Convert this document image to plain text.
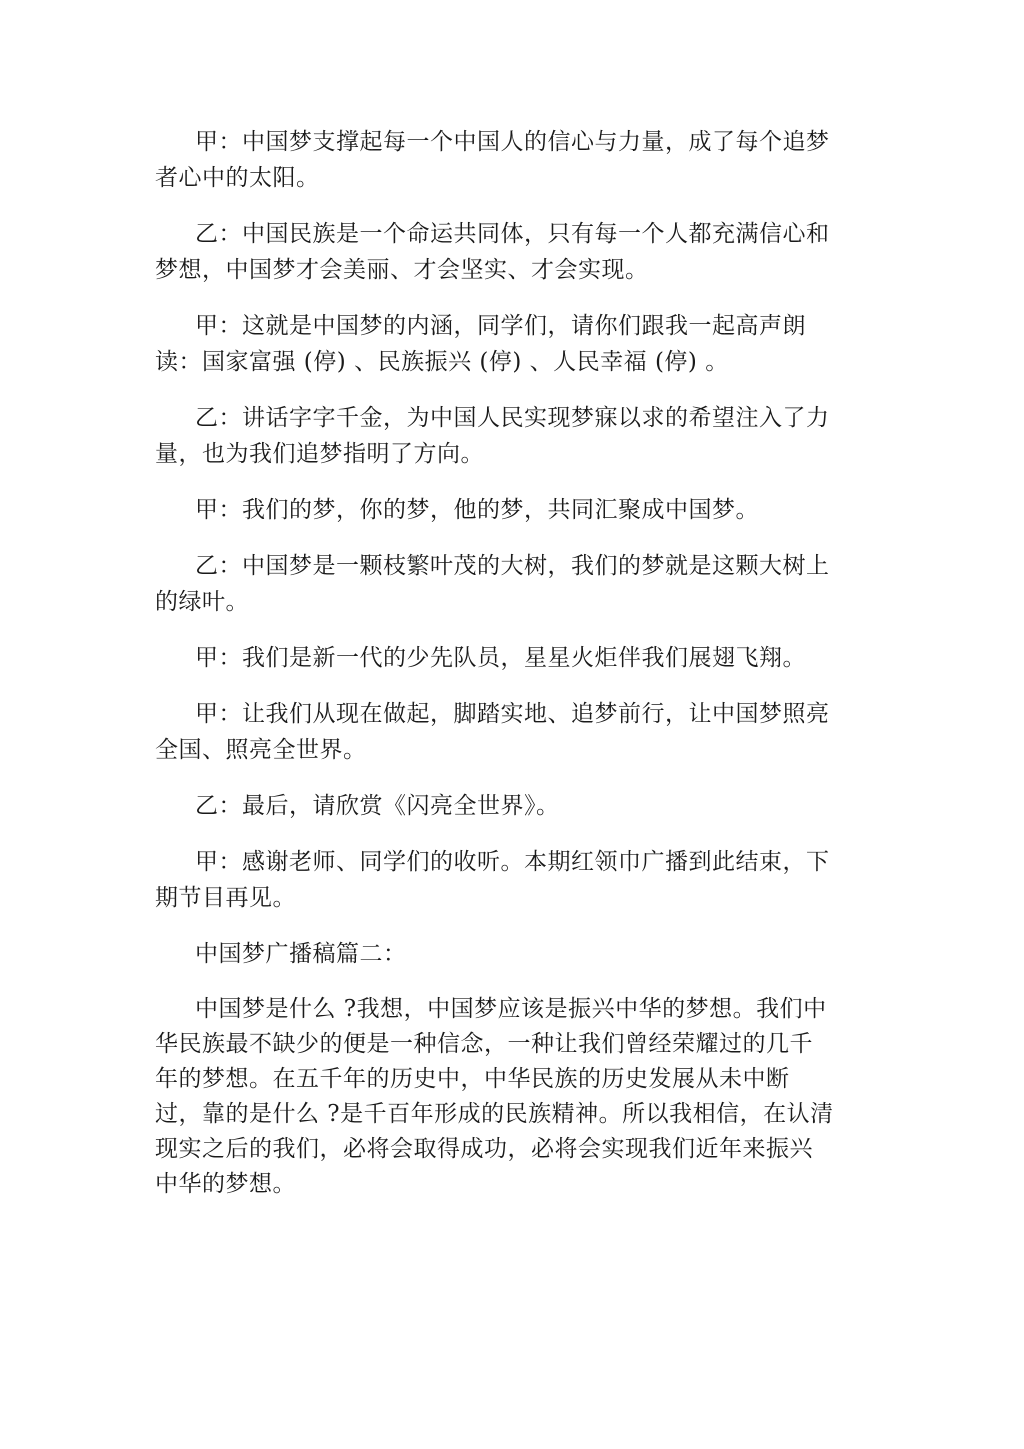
甲：中国梦支撑起每一个中国人的信心与力量，成了每个追梦者心中的太阳。

乙：中国民族是一个命运共同体，只有每一个人都充满信心和梦想，中国梦才会美丽、才会坚实、才会实现。

甲：这就是中国梦的内涵，同学们，请你们跟我一起高声朗读：国家富强 (停) 、民族振兴 (停) 、人民幸福 (停) 。

乙：讲话字字千金，为中国人民实现梦寐以求的希望注入了力量，也为我们追梦指明了方向。

甲：我们的梦，你的梦，他的梦，共同汇聚成中国梦。

乙：中国梦是一颗枝繁叶茂的大树，我们的梦就是这颗大树上的绿叶。

甲：我们是新一代的少先队员，星星火炬伴我们展翅飞翔。

甲：让我们从现在做起，脚踏实地、追梦前行，让中国梦照亮全国、照亮全世界。

乙：最后，请欣赏《闪亮全世界》。

甲：感谢老师、同学们的收听。本期红领巾广播到此结束，下期节目再见。

中国梦广播稿篇二：

中国梦是什么 ?我想，中国梦应该是振兴中华的梦想。我们中华民族最不缺少的便是一种信念，一种让我们曾经荣耀过的几千年的梦想。在五千年的历史中，中华民族的历史发展从未中断过，靠的是什么 ?是千百年形成的民族精神。所以我相信，在认清现实之后的我们，必将会取得成功，必将会实现我们近年来振兴中华的梦想。
